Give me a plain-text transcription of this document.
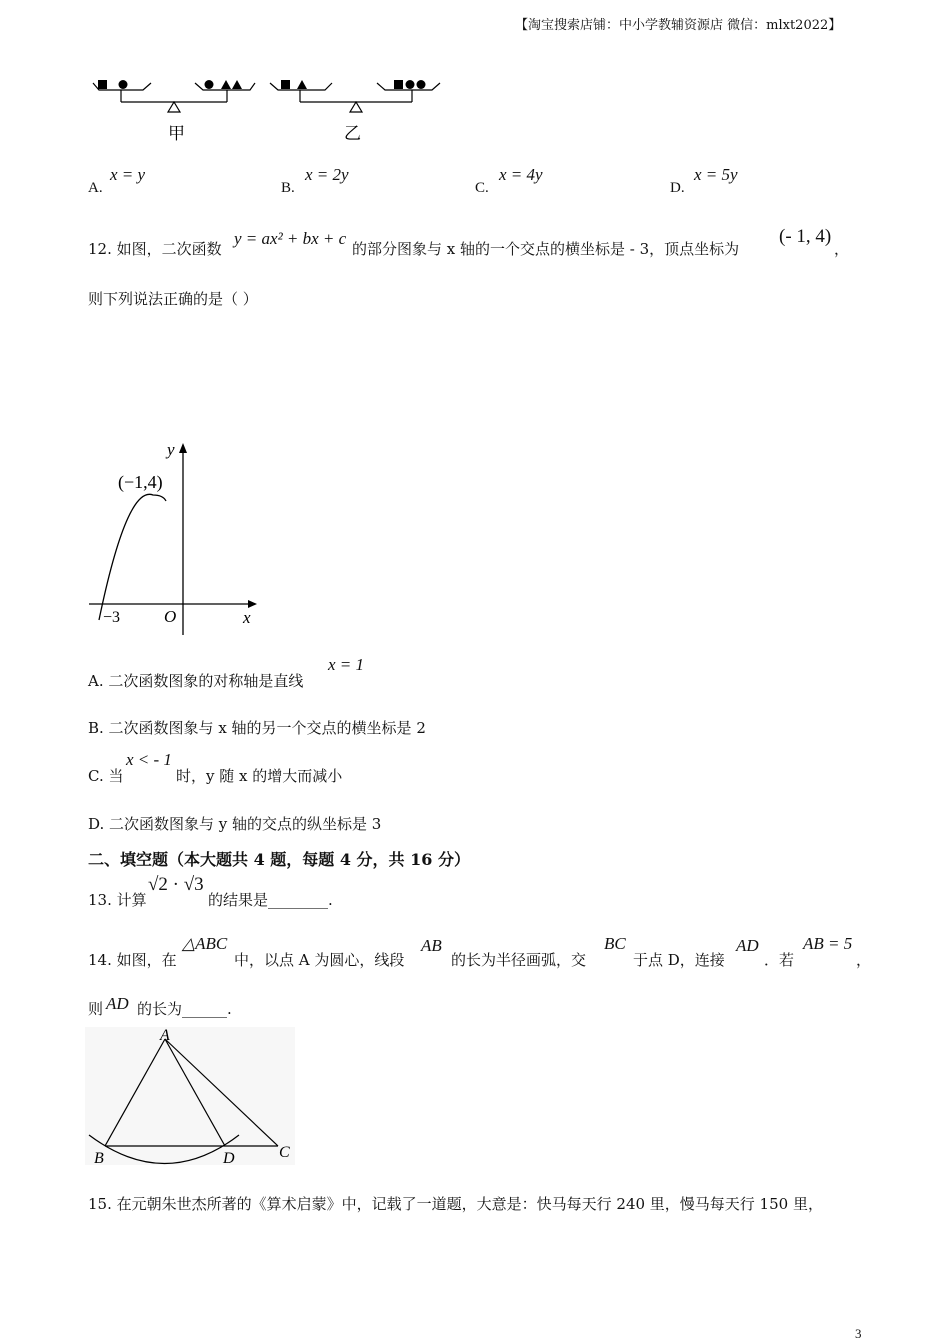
【淘宝搜索店铺：中小学教辅资源店 微信：mlxt2022】
甲	乙
A.
x = y
B.
x = 2y
C.
x = 4y
D.
x = 5y
12. 如图，二次函数
y = ax² + bx + c
的部分图象与 x 轴的一个交点的横坐标是 - 3，顶点坐标为
(- 1, 4)
，
则下列说法正确的是（ ）
(−1,4)
y
x
O
−3
A. 二次函数图象的对称轴是直线
x = 1
B. 二次函数图象与 x 轴的另一个交点的横坐标是 2
C. 当
x < - 1
时，y 随 x 的增大而减小
D. 二次函数图象与 y 轴的交点的纵坐标是 3
二、填空题（本大题共 4 题，每题 4 分，共 16 分）
13. 计算
√2 · √3
的结果是________.
14. 如图，在
△ABC
中，以点 A 为圆心，线段
AB
的长为半径画弧，交
BC
于点 D，连接
AD
．若
AB = 5
，
则 AD 的长为______.
A
B	D	C
15. 在元朝朱世杰所著的《算术启蒙》中，记载了一道题，大意是：快马每天行 240 里，慢马每天行 150 里，
3
